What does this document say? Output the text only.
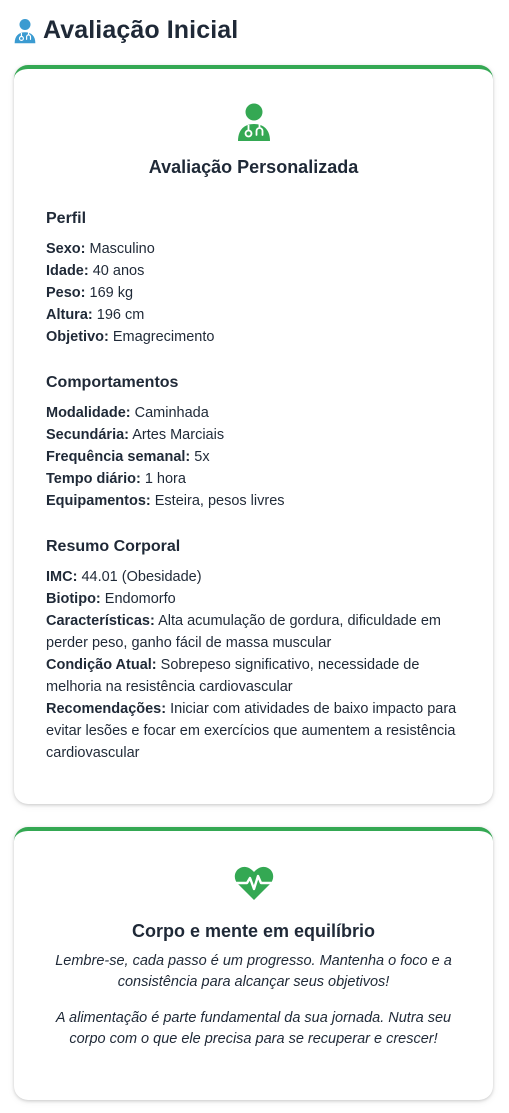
Avaliação Inicial
Avaliação Personalizada
Perfil
Sexo: Masculino
Idade: 40 anos
Peso: 169 kg
Altura: 196 cm
Objetivo: Emagrecimento
Comportamentos
Modalidade: Caminhada
Secundária: Artes Marciais
Frequência semanal: 5x
Tempo diário: 1 hora
Equipamentos: Esteira, pesos livres
Resumo Corporal
IMC: 44.01 (Obesidade)
Biotipo: Endomorfo
Características: Alta acumulação de gordura, dificuldade em perder peso, ganho fácil de massa muscular
Condição Atual: Sobrepeso significativo, necessidade de melhoria na resistência cardiovascular
Recomendações: Iniciar com atividades de baixo impacto para evitar lesões e focar em exercícios que aumentem a resistência cardiovascular
Corpo e mente em equilíbrio

Lembre-se, cada passo é um progresso. Mantenha o foco e a consistência para alcançar seus objetivos!

A alimentação é parte fundamental da sua jornada. Nutra seu corpo com o que ele precisa para se recuperar e crescer!
